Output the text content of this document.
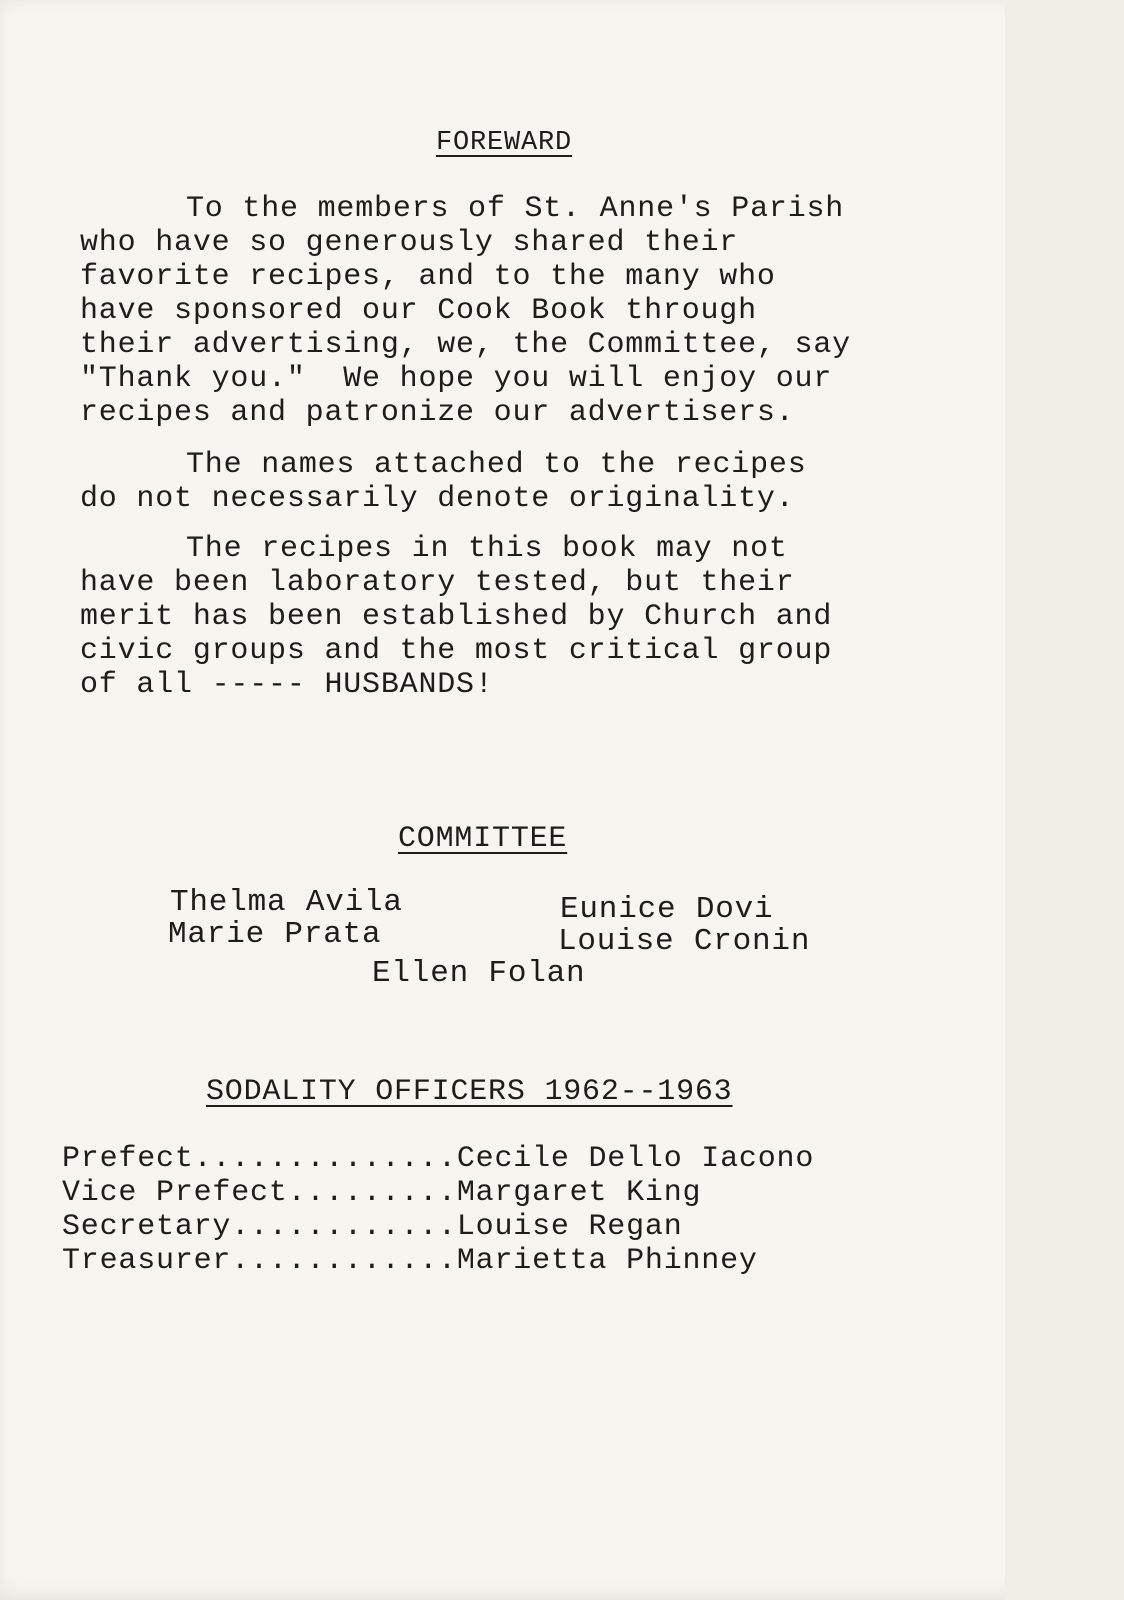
FOREWARD
To the members of St. Anne's Parish
who have so generously shared their
favorite recipes, and to the many who
have sponsored our Cook Book through
their advertising, we, the Committee, say
"Thank you."  We hope you will enjoy our
recipes and patronize our advertisers.
The names attached to the recipes
do not necessarily denote originality.
The recipes in this book may not
have been laboratory tested, but their
merit has been established by Church and
civic groups and the most critical group
of all ----- HUSBANDS!
COMMITTEE
Thelma Avila	Eunice Dovi
Marie Prata	Louise Cronin
Ellen Folan
SODALITY OFFICERS 1962--1963
Prefect..............Cecile Dello Iacono
Vice Prefect.........Margaret King
Secretary............Louise Regan
Treasurer............Marietta Phinney
